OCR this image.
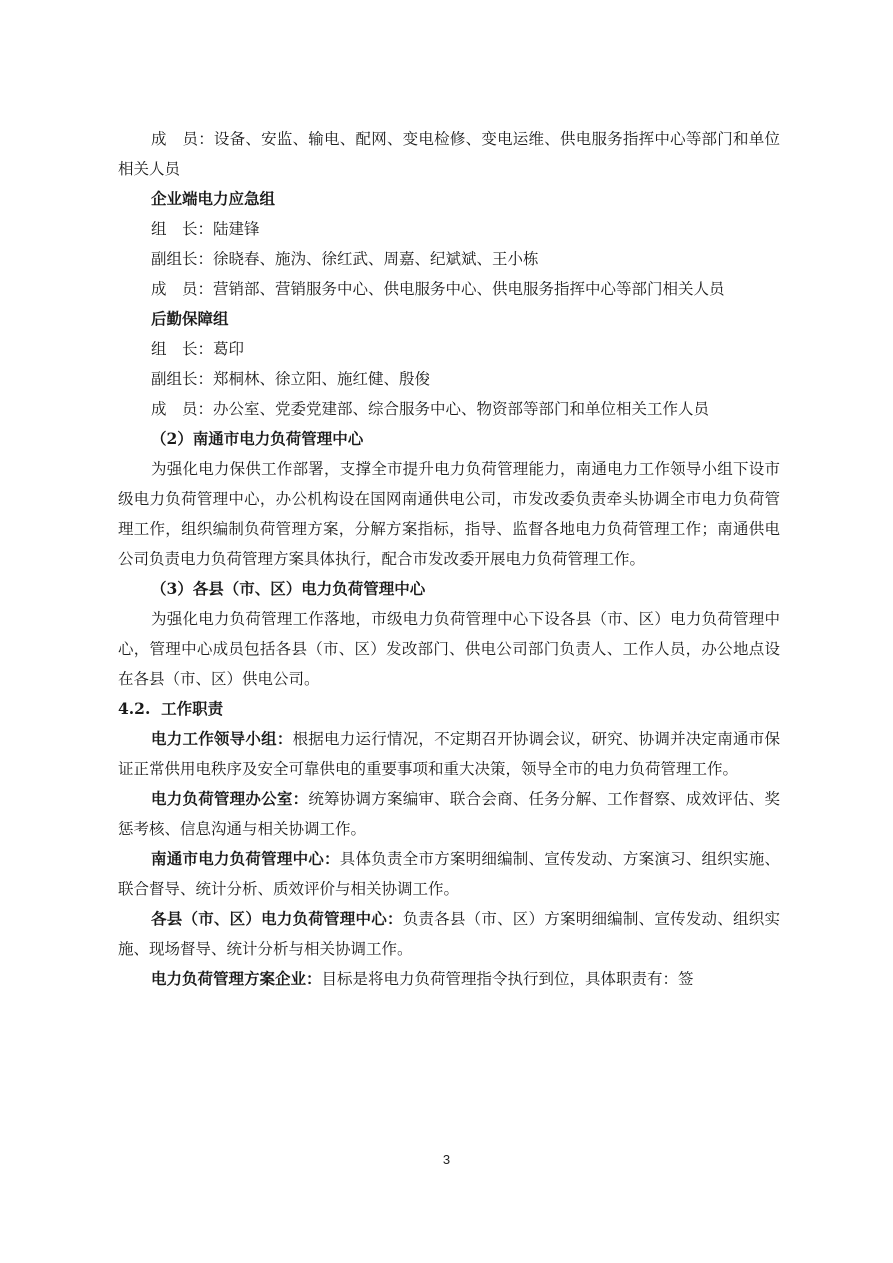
成　员：设备、安监、输电、配网、变电检修、变电运维、供电服务指挥中心等部门和单位相关人员

企业端电力应急组

组　长：陆建锋

副组长：徐晓春、施沩、徐红武、周嘉、纪斌斌、王小栋

成　员：营销部、营销服务中心、供电服务中心、供电服务指挥中心等部门相关人员

后勤保障组

组　长：葛印

副组长：郑桐林、徐立阳、施红健、殷俊

成　员：办公室、党委党建部、综合服务中心、物资部等部门和单位相关工作人员

（2）南通市电力负荷管理中心

为强化电力保供工作部署，支撑全市提升电力负荷管理能力，南通电力工作领导小组下设市级电力负荷管理中心，办公机构设在国网南通供电公司，市发改委负责牵头协调全市电力负荷管理工作，组织编制负荷管理方案，分解方案指标，指导、监督各地电力负荷管理工作；南通供电公司负责电力负荷管理方案具体执行，配合市发改委开展电力负荷管理工作。

（3）各县（市、区）电力负荷管理中心

为强化电力负荷管理工作落地，市级电力负荷管理中心下设各县（市、区）电力负荷管理中心，管理中心成员包括各县（市、区）发改部门、供电公司部门负责人、工作人员，办公地点设在各县（市、区）供电公司。

4.2. 工作职责

电力工作领导小组：根据电力运行情况，不定期召开协调会议，研究、协调并决定南通市保证正常供用电秩序及安全可靠供电的重要事项和重大决策，领导全市的电力负荷管理工作。

电力负荷管理办公室：统筹协调方案编审、联合会商、任务分解、工作督察、成效评估、奖惩考核、信息沟通与相关协调工作。

南通市电力负荷管理中心：具体负责全市方案明细编制、宣传发动、方案演习、组织实施、联合督导、统计分析、质效评价与相关协调工作。

各县（市、区）电力负荷管理中心：负责各县（市、区）方案明细编制、宣传发动、组织实施、现场督导、统计分析与相关协调工作。

电力负荷管理方案企业：目标是将电力负荷管理指令执行到位，具体职责有：签

3
